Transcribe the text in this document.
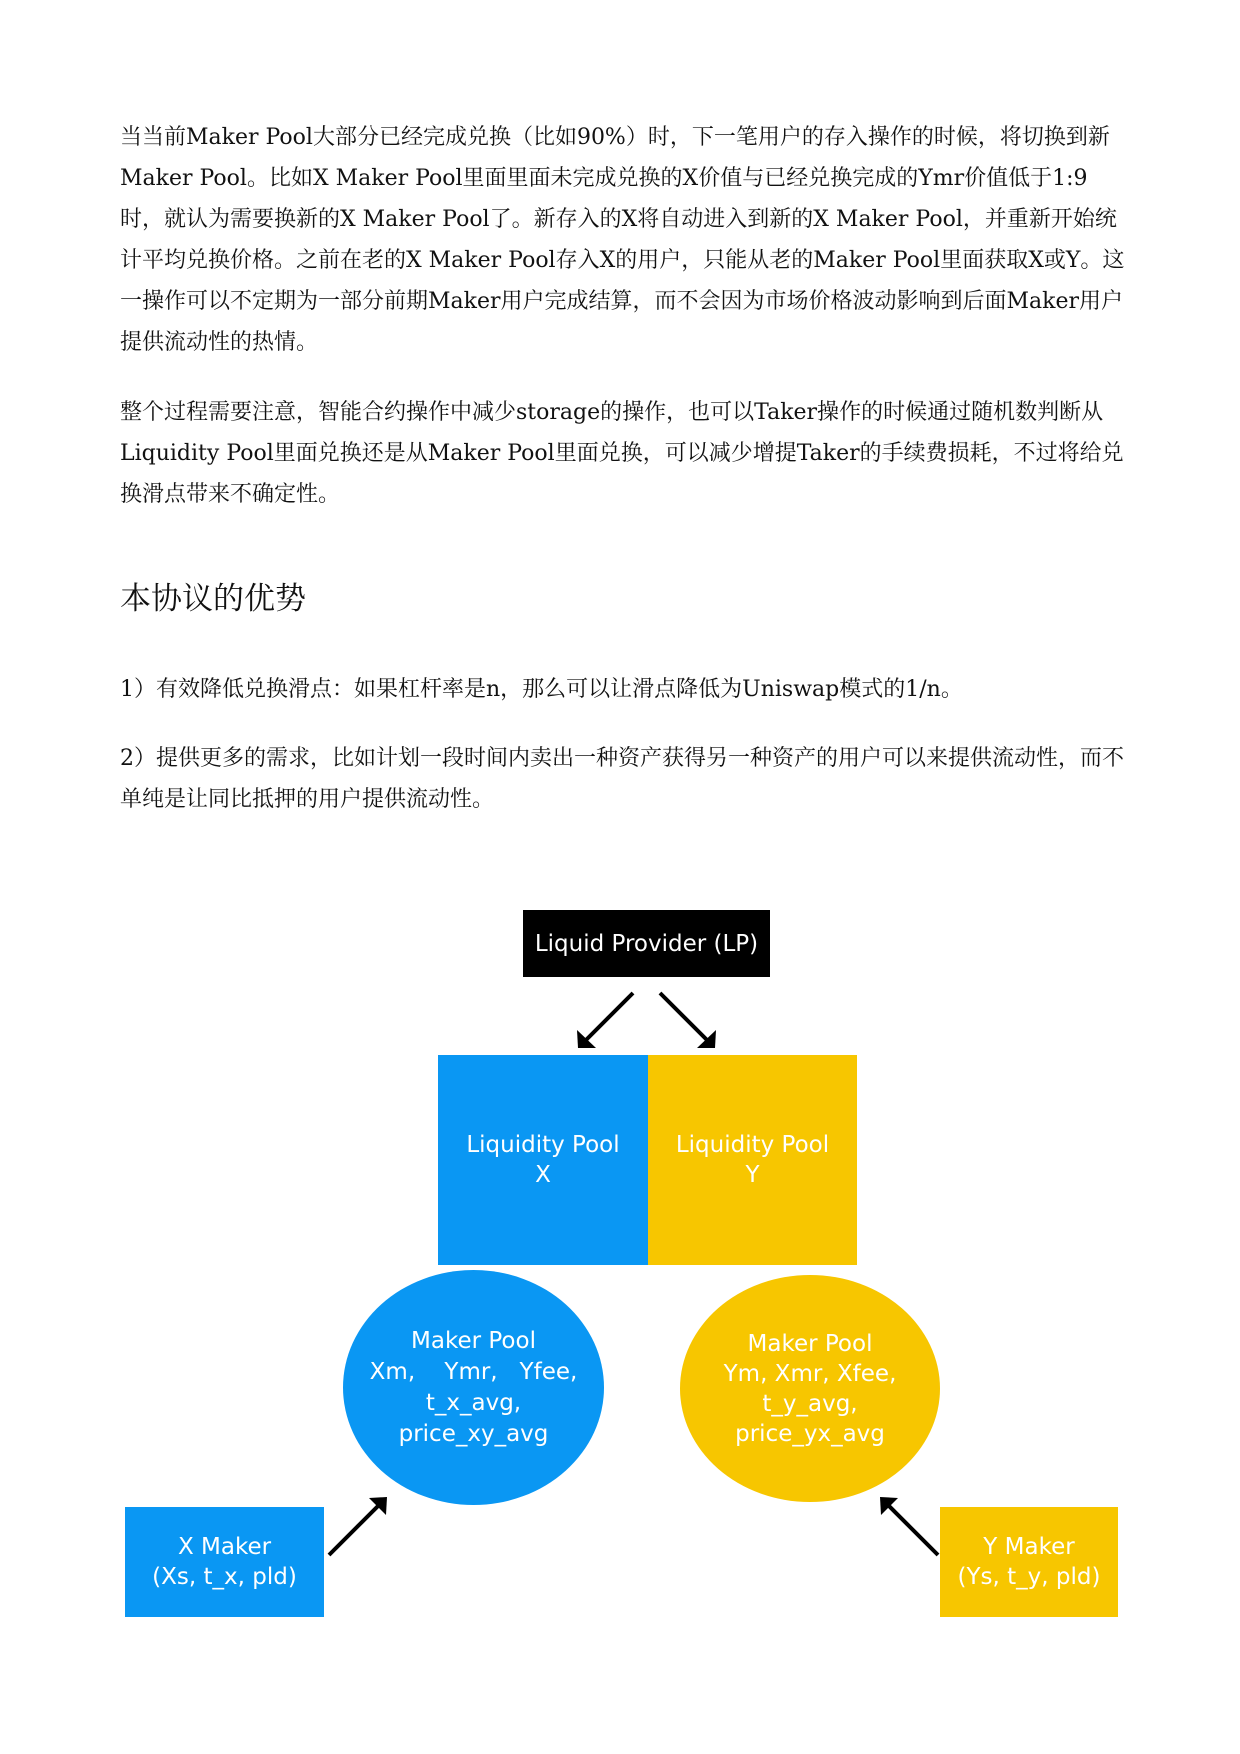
当当前Maker Pool大部分已经完成兑换（比如90%）时，下一笔用户的存入操作的时候，将切换到新Maker Pool。比如X Maker Pool里面里面未完成兑换的X价值与已经兑换完成的Ymr价值低于1:9时，就认为需要换新的X Maker Pool了。新存入的X将自动进入到新的X Maker Pool，并重新开始统计平均兑换价格。之前在老的X Maker Pool存入X的用户，只能从老的Maker Pool里面获取X或Y。这一操作可以不定期为一部分前期Maker用户完成结算，而不会因为市场价格波动影响到后面Maker用户提供流动性的热情。

整个过程需要注意，智能合约操作中减少storage的操作，也可以Taker操作的时候通过随机数判断从Liquidity Pool里面兑换还是从Maker Pool里面兑换，可以减少增提Taker的手续费损耗，不过将给兑换滑点带来不确定性。

本协议的优势

1）有效降低兑换滑点：如果杠杆率是n，那么可以让滑点降低为Uniswap模式的1/n。

2）提供更多的需求，比如计划一段时间内卖出一种资产获得另一种资产的用户可以来提供流动性，而不单纯是让同比抵押的用户提供流动性。

Liquid Provider (LP)
Liquidity Pool
X
Liquidity Pool
Y
Maker Pool
Xm,    Ymr,   Yfee,
t_x_avg,
price_xy_avg
Maker Pool
Ym, Xmr, Xfee,
t_y_avg,
price_yx_avg
X Maker
(Xs, t_x, pld)
Y Maker
(Ys, t_y, pld)
